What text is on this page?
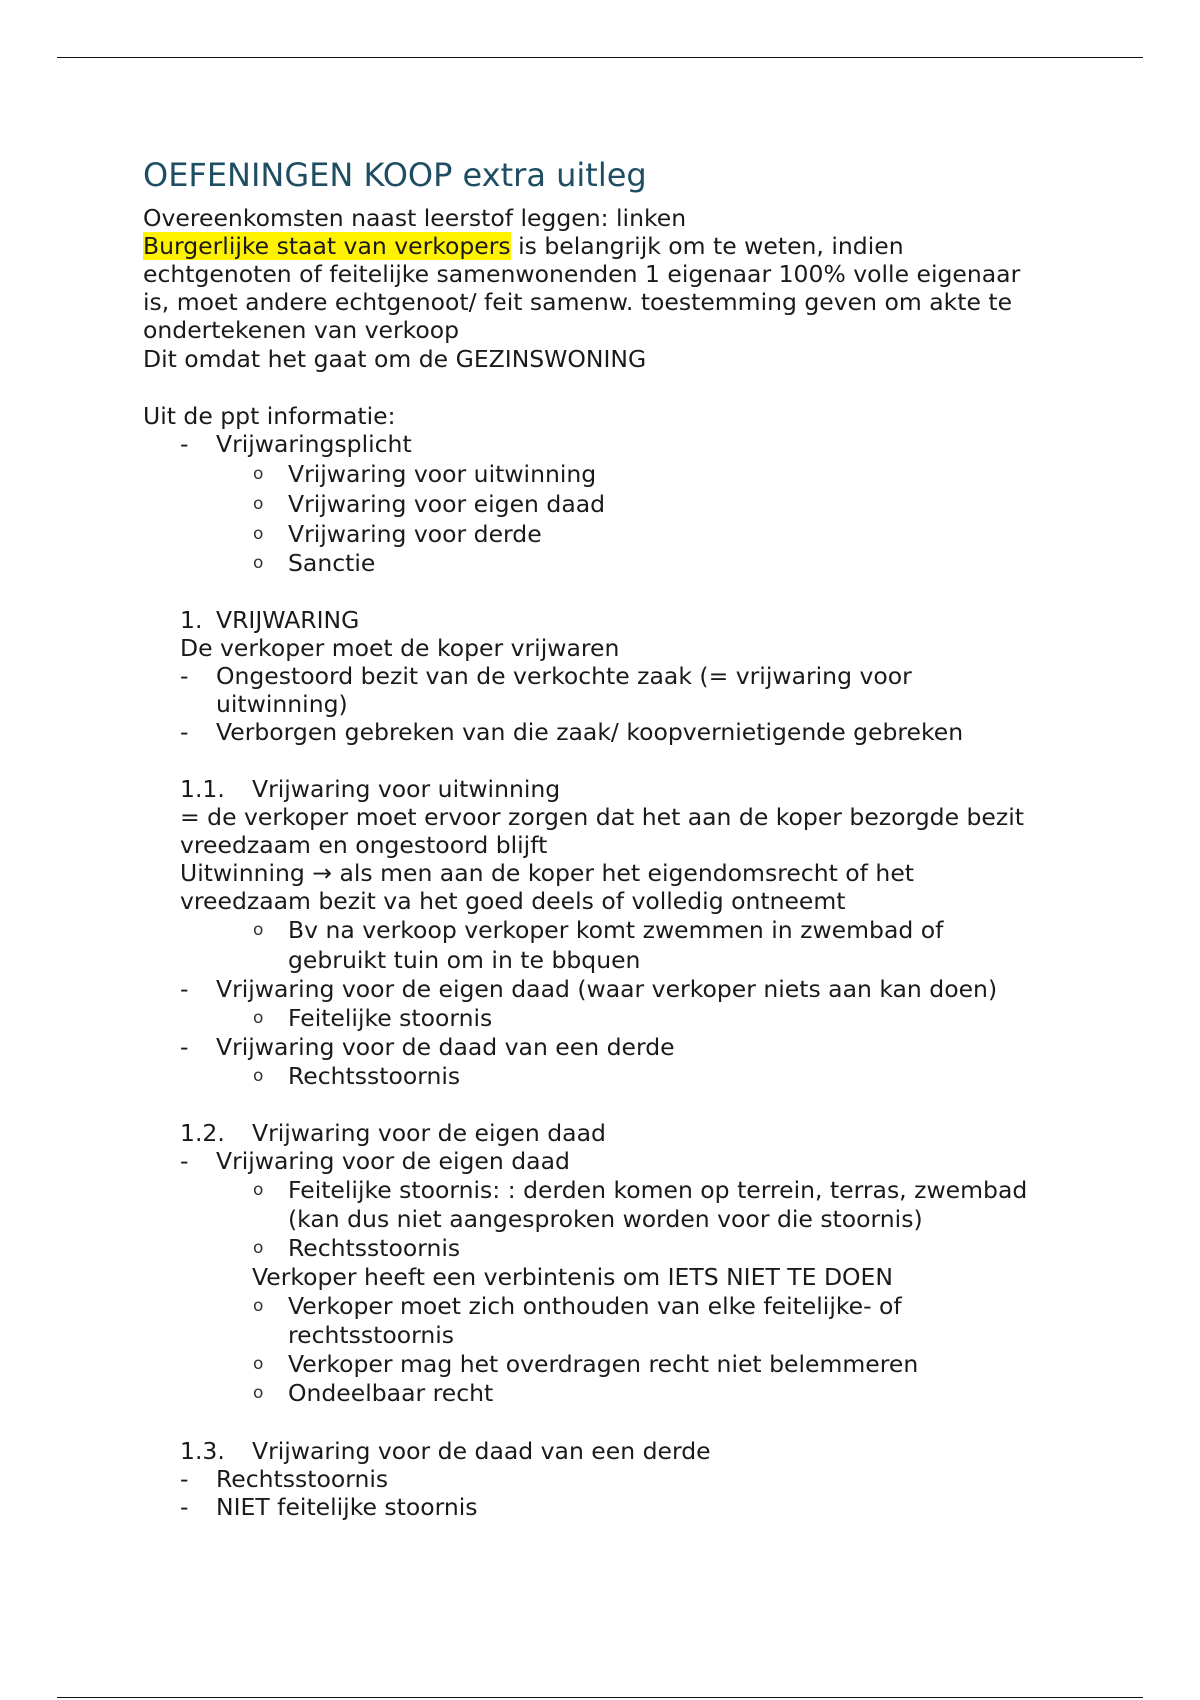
OEFENINGEN KOOP extra uitleg
Overeenkomsten naast leerstof leggen: linken
Burgerlijke staat van verkopers is belangrijk om te weten, indien
echtgenoten of feitelijke samenwonenden 1 eigenaar 100% volle eigenaar
is, moet andere echtgenoot/ feit samenw. toestemming geven om akte te
ondertekenen van verkoop
Dit omdat het gaat om de GEZINSWONING
Uit de ppt informatie:
- Vrijwaringsplicht
o Vrijwaring voor uitwinning
o Vrijwaring voor eigen daad
o Vrijwaring voor derde
o Sanctie
1. VRIJWARING
De verkoper moet de koper vrijwaren
- Ongestoord bezit van de verkochte zaak (= vrijwaring voor
uitwinning)
- Verborgen gebreken van die zaak/ koopvernietigende gebreken
1.1. Vrijwaring voor uitwinning
= de verkoper moet ervoor zorgen dat het aan de koper bezorgde bezit
vreedzaam en ongestoord blijft
Uitwinning → als men aan de koper het eigendomsrecht of het
vreedzaam bezit va het goed deels of volledig ontneemt
o Bv na verkoop verkoper komt zwemmen in zwembad of
gebruikt tuin om in te bbquen
- Vrijwaring voor de eigen daad (waar verkoper niets aan kan doen)
o Feitelijke stoornis
- Vrijwaring voor de daad van een derde
o Rechtsstoornis
1.2. Vrijwaring voor de eigen daad
- Vrijwaring voor de eigen daad
o Feitelijke stoornis: : derden komen op terrein, terras, zwembad
(kan dus niet aangesproken worden voor die stoornis)
o Rechtsstoornis
Verkoper heeft een verbintenis om IETS NIET TE DOEN
o Verkoper moet zich onthouden van elke feitelijke- of
rechtsstoornis
o Verkoper mag het overdragen recht niet belemmeren
o Ondeelbaar recht
1.3. Vrijwaring voor de daad van een derde
- Rechtsstoornis
- NIET feitelijke stoornis
